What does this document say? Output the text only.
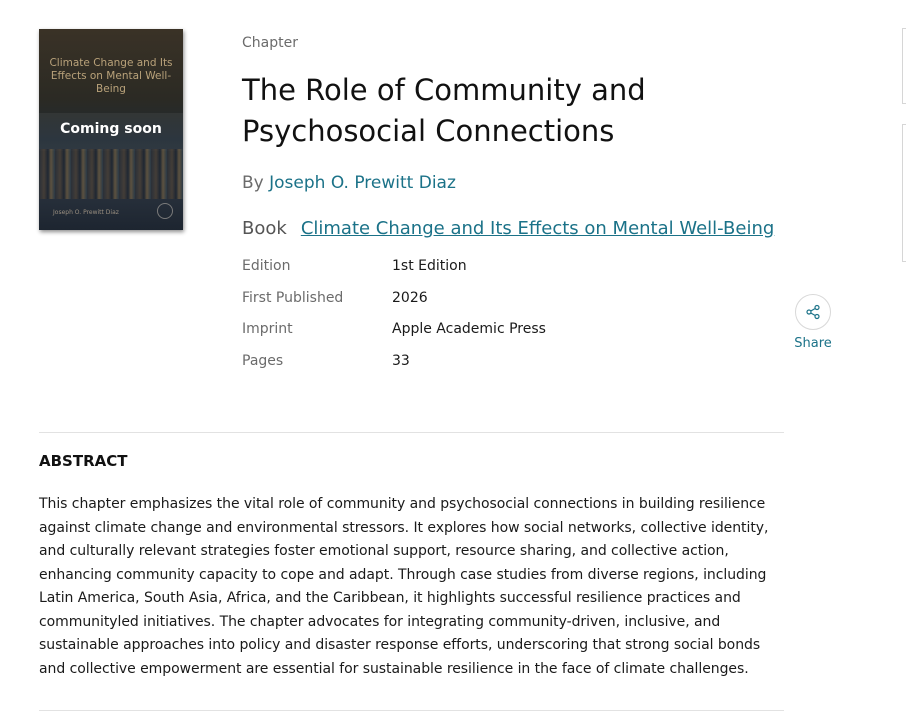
Climate Change and Its Effects on Mental Well-Being
Coming soon
Joseph O. Prewitt Diaz
Chapter
The Role of Community and Psychosocial Connections
By Joseph O. Prewitt Diaz
Book Climate Change and Its Effects on Mental Well-Being
Edition	1st Edition
First Published	2026
Imprint	Apple Academic Press
Pages	33
Share
ABSTRACT

This chapter emphasizes the vital role of community and psychosocial connections in building resilience against climate change and environmental stressors. It explores how social networks, collective identity, and culturally relevant strategies foster emotional support, resource sharing, and collective action, enhancing community capacity to cope and adapt. Through case studies from diverse regions, including Latin America, South Asia, Africa, and the Caribbean, it highlights successful resilience practices and communityled initiatives. The chapter advocates for integrating community-driven, inclusive, and sustainable approaches into policy and disaster response efforts, underscoring that strong social bonds and collective empowerment are essential for sustainable resilience in the face of climate challenges.
